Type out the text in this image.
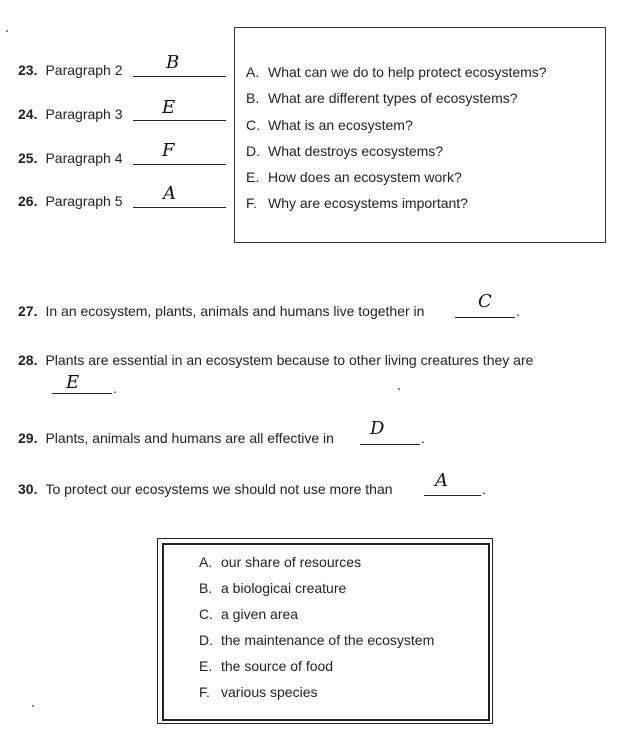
23. Paragraph 2 B
24. Paragraph 3 E
25. Paragraph 4 F
26. Paragraph 5 A
A. What can we do to help protect ecosystems?
B. What are different types of ecosystems?
C. What is an ecosystem?
D. What destroys ecosystems?
E. How does an ecosystem work?
F. Why are ecosystems important?
27. In an ecosystem, plants, animals and humans live together in	C .
28. Plants are essential in an ecosystem because to other living creatures they are
E .
29. Plants, animals and humans are all effective in D	.
30. To protect our ecosystems we should not use more than A .
A. our share of resources
B. a biologicai creature
C. a given area
D. the maintenance of the ecosystem
E. the source of food
F. various species
